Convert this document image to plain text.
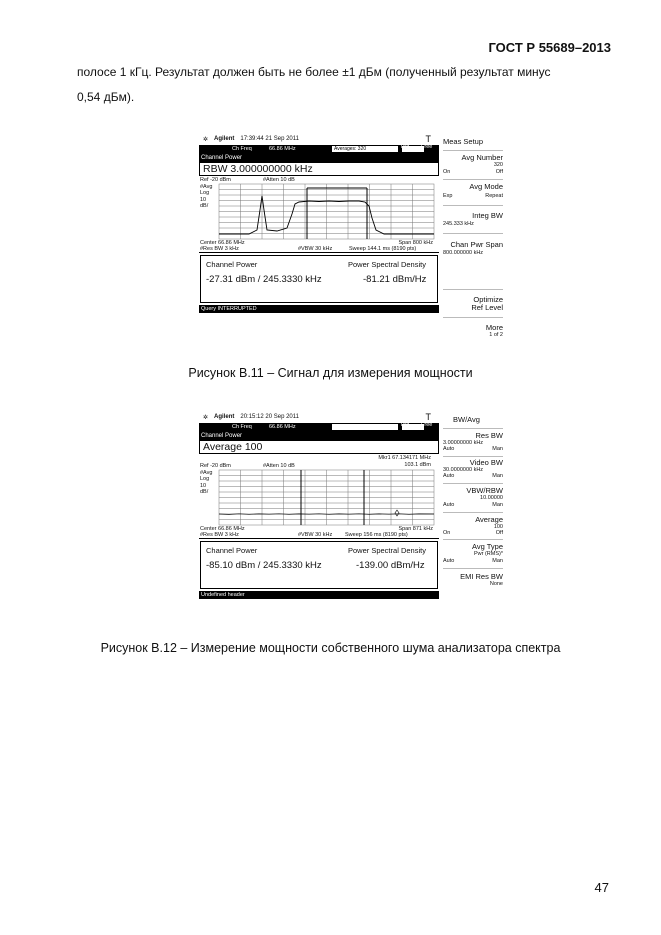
ГОСТ Р 55689–2013
полосе 1 кГц. Результат должен быть не более ±1 дБм (полученный результат минус
0,54 дБм).
✲ Agilent 17:39:44 21 Sep 2011	T
Ch Freq	66.86 MHz	Averages: 320	Trig Free
Channel Power
RBW 3.000000000 kHz
Ref -20 dBm
#Avg
Log
10
dB/
#Atten 10 dB
Center 66.86 MHz	Span 800 kHz
#Res BW 3 kHz	#VBW 30 kHz	Sweep 144.1 ms (8190 pts)
Channel Power	Power Spectral Density
-27.31 dBm / 245.3330 kHz	-81.21 dBm/Hz
Query INTERRUPTED
Meas Setup
Avg Number
320
On	Off
Avg Mode
Exp	Repeat
Integ BW
245.333 kHz
Chan Pwr Span
800.000000 kHz
Optimize
Ref Level
More
1 of 2
Рисунок В.11 – Сигнал для измерения мощности
✲ Agilent 20:15:12 20 Sep 2011	T
Ch Freq	66.86 MHz	Trig Free
Channel Power
Average 100
Mkr1 67.134171 MHz
103.1 dBm
Ref -20 dBm
#Avg
Log
10
dB/
#Atten 10 dB
Center 66.86 MHz	Span 871 kHz
#Res BW 3 kHz	#VBW 30 kHz Sweep 156 ms (8190 pts)
Channel Power	Power Spectral Density
-85.10 dBm / 245.3330 kHz	-139.00 dBm/Hz
Undefined header
BW/Avg
Res BW
3.00000000 kHz
Auto	Man
Video BW
30.0000000 kHz
Auto	Man
VBW/RBW
10.00000
Auto	Man
Average
100
On	Off
Avg Type
Pwr (RMS)*
Auto	Man
EMI Res BW
None
Рисунок В.12 – Измерение мощности собственного шума анализатора спектра
47
